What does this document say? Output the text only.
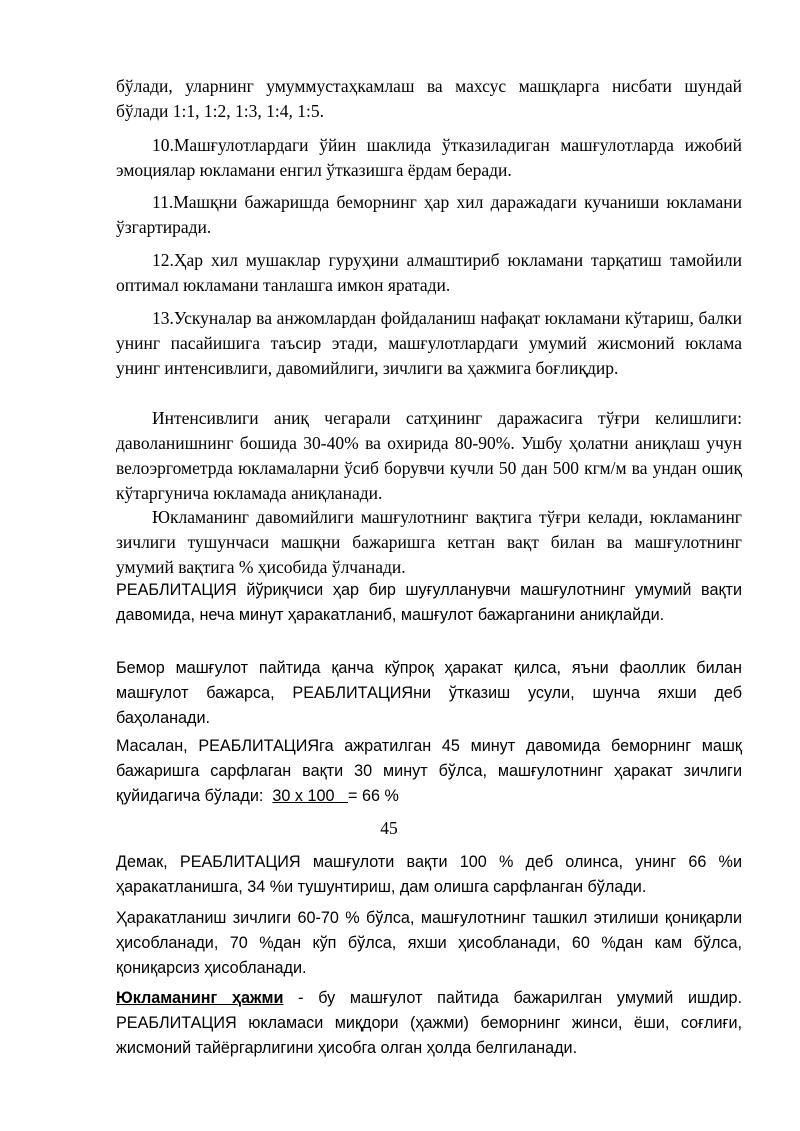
бўлади, уларнинг умуммустаҳкамлаш ва махсус машқларга нисбати шундай бўлади 1:1, 1:2, 1:3, 1:4, 1:5.

10.Машғулотлардаги ўйин шаклида ўтказиладиган машғулотларда ижобий эмоциялар юкламани енгил ўтказишга ёрдам беради.

11.Машқни бажаришда беморнинг ҳар хил даражадаги кучаниши юкламани ўзгартиради.

12.Ҳар хил мушаклар гуруҳини алмаштириб юкламани тарқатиш тамойили оптимал юкламани танлашга имкон яратади.

13.Ускуналар ва анжомлардан фойдаланиш нафақат юкламани кўтариш, балки унинг пасайишига таъсир этади, машғулотлардаги умумий жисмоний юклама унинг интенсивлиги, давомийлиги, зичлиги ва ҳажмига боғлиқдир.

Интенсивлиги аниқ чегарали сатҳининг даражасига тўғри келишлиги: даволанишнинг бошида 30-40% ва охирида 80-90%. Ушбу ҳолатни аниқлаш учун велоэргометрда юкламаларни ўсиб борувчи кучли 50 дан 500 кгм/м ва ундан ошиқ кўтаргунича юкламада аниқланади.

Юкламанинг давомийлиги машғулотнинг вақтига тўғри келади, юкламанинг зичлиги тушунчаси машқни бажаришга кетган вақт билан ва машғулотнинг умумий вақтига % ҳисобида ўлчанади.

РЕАБЛИТАЦИЯ йўриқчиси ҳар бир шуғулланувчи машғулотнинг умумий вақти давомида, неча минут ҳаракатланиб, машғулот бажарганини аниқлайди.

Бемор машғулот пайтида қанча кўпроқ ҳаракат қилса, яъни фаоллик билан машғулот бажарса, РЕАБЛИТАЦИЯни ўтказиш усули, шунча яхши деб баҳоланади.

Масалан, РЕАБЛИТАЦИЯга ажратилган 45 минут давомида беморнинг машқ бажаришга сарфлаган вақти 30 минут бўлса, машғулотнинг ҳаракат зичлиги қуйидагича бўлади: 30 х 100 = 66 %

45

Демак, РЕАБЛИТАЦИЯ машғулоти вақти 100 % деб олинса, унинг 66 %и ҳаракатланишга, 34 %и тушунтириш, дам олишга сарфланган бўлади.

Ҳаракатланиш зичлиги 60-70 % бўлса, машғулотнинг ташкил этилиши қониқарли ҳисобланади, 70 %дан кўп бўлса, яхши ҳисобланади, 60 %дан кам бўлса, қониқарсиз ҳисобланади.

Юкламанинг ҳажми - бу машғулот пайтида бажарилган умумий ишдир. РЕАБЛИТАЦИЯ юкламаси миқдори (ҳажми) беморнинг жинси, ёши, соғлиғи, жисмоний тайёргарлигини ҳисобга олган ҳолда белгиланади.
